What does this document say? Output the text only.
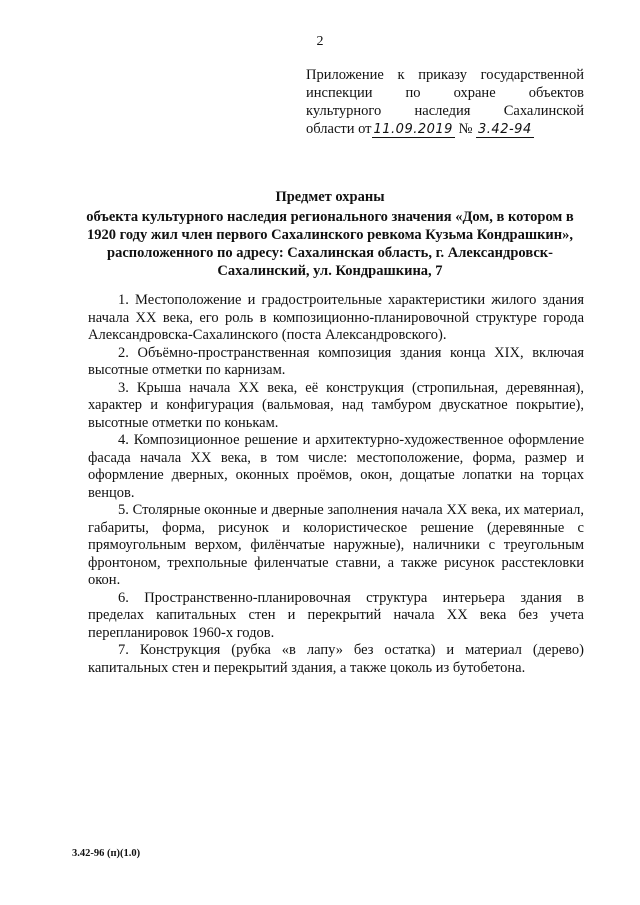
2
Приложение к приказу государственной
инспекции по охране объектов
культурного наследия Сахалинской
области от 11.09.2019 № 3.42-94
Предмет охраны
объекта культурного наследия регионального значения «Дом, в котором в 1920 году жил член первого Сахалинского ревкома Кузьма Кондрашкин», расположенного по адресу: Сахалинская область, г. Александровск-Сахалинский, ул. Кондрашкина, 7

1. Местоположение и градостроительные характеристики жилого здания начала XX века, его роль в композиционно-планировочной структуре города Александровска-Сахалинского (поста Александровского).

2. Объёмно-пространственная композиция здания конца XIX, включая высотные отметки по карнизам.

3. Крыша начала XX века, её конструкция (стропильная, деревянная), характер и конфигурация (вальмовая, над тамбуром двускатное покрытие), высотные отметки по конькам.

4. Композиционное решение и архитектурно-художественное оформление фасада начала XX века, в том числе: местоположение, форма, размер и оформление дверных, оконных проёмов, окон, дощатые лопатки на торцах венцов.

5. Столярные оконные и дверные заполнения начала XX века, их материал, габариты, форма, рисунок и колористическое решение (деревянные с прямоугольным верхом, филёнчатые наружные), наличники с треугольным фронтоном, трехпольные филенчатые ставни, а также рисунок расстекловки окон.

6. Пространственно-планировочная структура интерьера здания в пределах капитальных стен и перекрытий начала XX века без учета перепланировок 1960-х годов.

7. Конструкция (рубка «в лапу» без остатка) и материал (дерево) капитальных стен и перекрытий здания, а также цоколь из бутобетона.

3.42-96 (п)(1.0)
